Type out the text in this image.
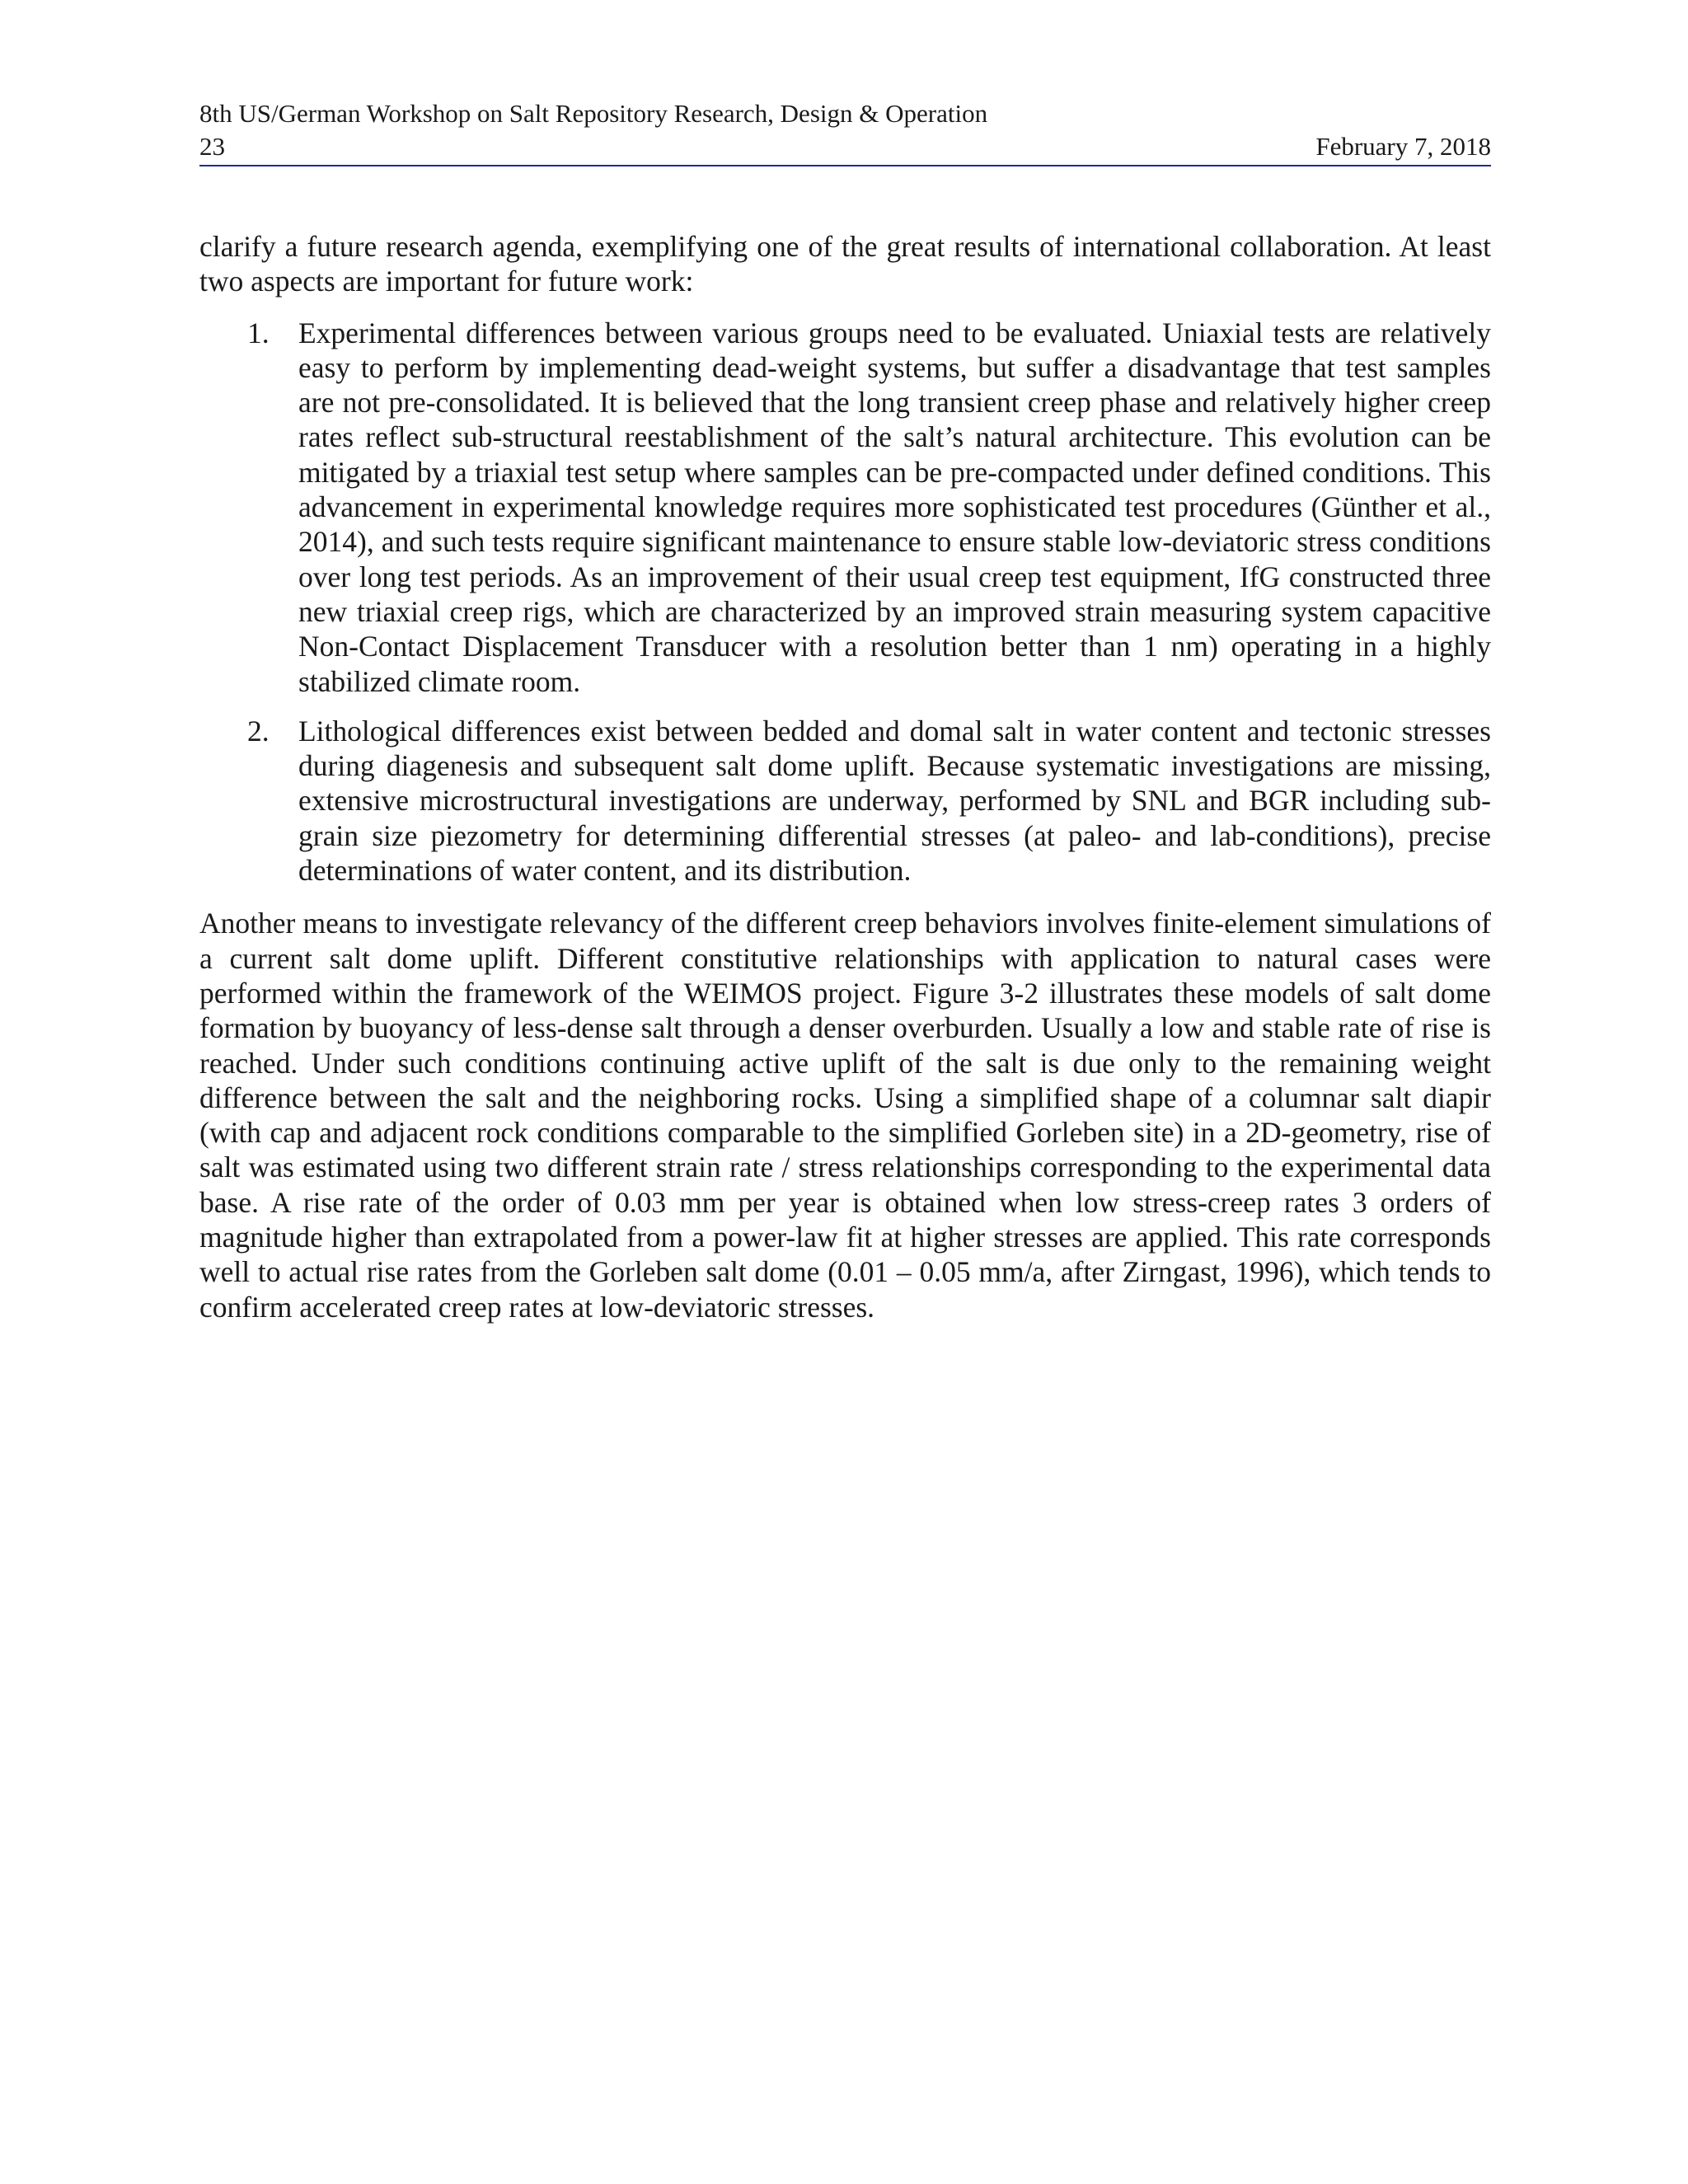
8th US/German Workshop on Salt Repository Research, Design & Operation
23	February 7, 2018

clarify a future research agenda, exemplifying one of the great results of international collaboration. At least two aspects are important for future work:

1. Experimental differences between various groups need to be evaluated. Uniaxial tests are relatively easy to perform by implementing dead-weight systems, but suffer a disadvantage that test samples are not pre-consolidated. It is believed that the long transient creep phase and relatively higher creep rates reflect sub-structural reestablishment of the salt’s natural architecture. This evolution can be mitigated by a triaxial test setup where samples can be pre-compacted under defined conditions. This advancement in experimental knowledge requires more sophisticated test procedures (Günther et al., 2014), and such tests require significant maintenance to ensure stable low-deviatoric stress conditions over long test periods. As an improvement of their usual creep test equipment, IfG constructed three new triaxial creep rigs, which are characterized by an improved strain measuring system capacitive Non-Contact Displacement Transducer with a resolution better than 1 nm) operating in a highly stabilized climate room.
2. Lithological differences exist between bedded and domal salt in water content and tectonic stresses during diagenesis and subsequent salt dome uplift. Because systematic investigations are missing, extensive microstructural investigations are underway, performed by SNL and BGR including sub-grain size piezometry for determining differential stresses (at paleo- and lab-conditions), precise determinations of water content, and its distribution.

Another means to investigate relevancy of the different creep behaviors involves finite-element simulations of a current salt dome uplift. Different constitutive relationships with application to natural cases were performed within the framework of the WEIMOS project. Figure 3-2 illustrates these models of salt dome formation by buoyancy of less-dense salt through a denser overburden. Usually a low and stable rate of rise is reached. Under such conditions continuing active uplift of the salt is due only to the remaining weight difference between the salt and the neighboring rocks. Using a simplified shape of a columnar salt diapir (with cap and adjacent rock conditions comparable to the simplified Gorleben site) in a 2D-geometry, rise of salt was estimated using two different strain rate / stress relationships corresponding to the experimental data base. A rise rate of the order of 0.03 mm per year is obtained when low stress-creep rates 3 orders of magnitude higher than extrapolated from a power-law fit at higher stresses are applied. This rate corresponds well to actual rise rates from the Gorleben salt dome (0.01 – 0.05 mm/a, after Zirngast, 1996), which tends to confirm accelerated creep rates at low-deviatoric stresses.
